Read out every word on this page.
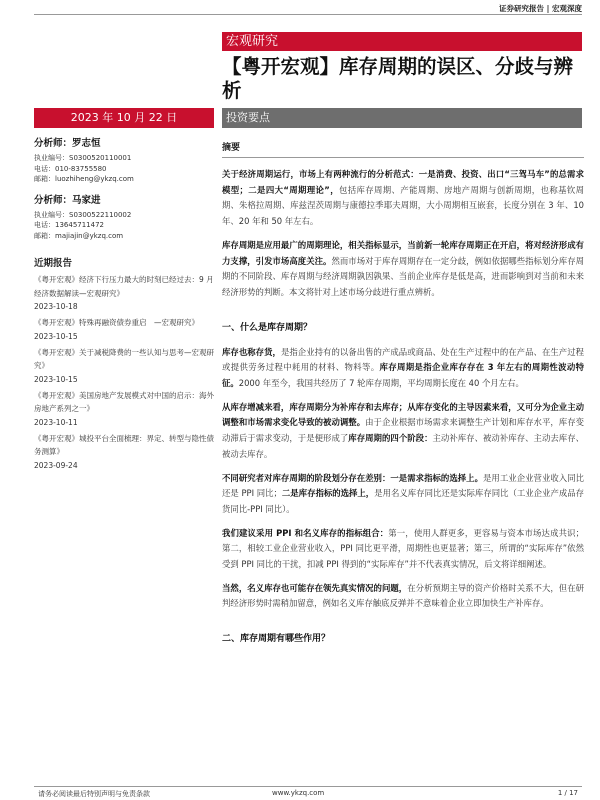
证券研究报告 | 宏观深度
宏观研究
【粤开宏观】库存周期的误区、分歧与辨析
2023 年 10 月 22 日	投资要点
分析师：罗志恒
执业编号：S0300520110001
电话：010-83755580
邮箱：luozhiheng@ykzq.com
分析师：马家进
执业编号：S0300522110002
电话：13645711472
邮箱：majiajin@ykzq.com
近期报告
《粤开宏观》经济下行压力最大的时刻已经过去：9 月经济数据解读—宏观研究》
2023-10-18
《粤开宏观》特殊再融资债券重启　—宏观研究》
2023-10-15
《粤开宏观》关于减税降费的一些认知与思考—宏观研究》
2023-10-15
《粤开宏观》美国房地产发展模式对中国的启示：海外房地产系列之一》
2023-10-11
《粤开宏观》城投平台全面梳理：界定、转型与隐性债务测算》
2023-09-24
摘要

关于经济周期运行，市场上有两种流行的分析范式：一是消费、投资、出口“三驾马车”的总需求模型；二是四大“周期理论”，包括库存周期、产能周期、房地产周期与创新周期，也称基钦周期、朱格拉周期、库兹涅茨周期与康德拉季耶夫周期，大小周期相互嵌套，长度分别在 3 年、10 年、20 年和 50 年左右。

库存周期是应用最广的周期理论，相关指标显示，当前新一轮库存周期正在开启，将对经济形成有力支撑，引发市场高度关注。然而市场对于库存周期存在一定分歧，例如依据哪些指标划分库存周期的不同阶段、库存周期与经济周期孰因孰果、当前企业库存是低是高，进而影响到对当前和未来经济形势的判断。本文将针对上述市场分歧进行重点辨析。

一、什么是库存周期？

库存也称存货，是指企业持有的以备出售的产成品或商品、处在生产过程中的在产品、在生产过程或提供劳务过程中耗用的材料、物料等。库存周期是指企业库存存在 3 年左右的周期性波动特征。2000 年至今，我国共经历了 7 轮库存周期，平均周期长度在 40 个月左右。

从库存增减来看，库存周期分为补库存和去库存；从库存变化的主导因素来看，又可分为企业主动调整和市场需求变化导致的被动调整。由于企业根据市场需求来调整生产计划和库存水平，库存变动滞后于需求变动，于是便形成了库存周期的四个阶段：主动补库存、被动补库存、主动去库存、被动去库存。

不同研究者对库存周期的阶段划分存在差别：一是需求指标的选择上。是用工业企业营业收入同比还是 PPI 同比；二是库存指标的选择上，是用名义库存同比还是实际库存同比（工业企业产成品存货同比-PPI 同比）。

我们建议采用 PPI 和名义库存的指标组合：第一，使用人群更多，更容易与资本市场达成共识；第二，相较工业企业营业收入，PPI 同比更平滑，周期性也更显著；第三，所谓的“实际库存”依然受到 PPI 同比的干扰，扣减 PPI 得到的“实际库存”并不代表真实情况，后文将详细阐述。

当然，名义库存也可能存在领先真实情况的问题，在分析预期主导的资产价格时关系不大，但在研判经济形势时需稍加留意，例如名义库存触底反弹并不意味着企业立即加快生产补库存。

二、库存周期有哪些作用？
请务必阅读最后特别声明与免责条款	www.ykzq.com	1 / 17
